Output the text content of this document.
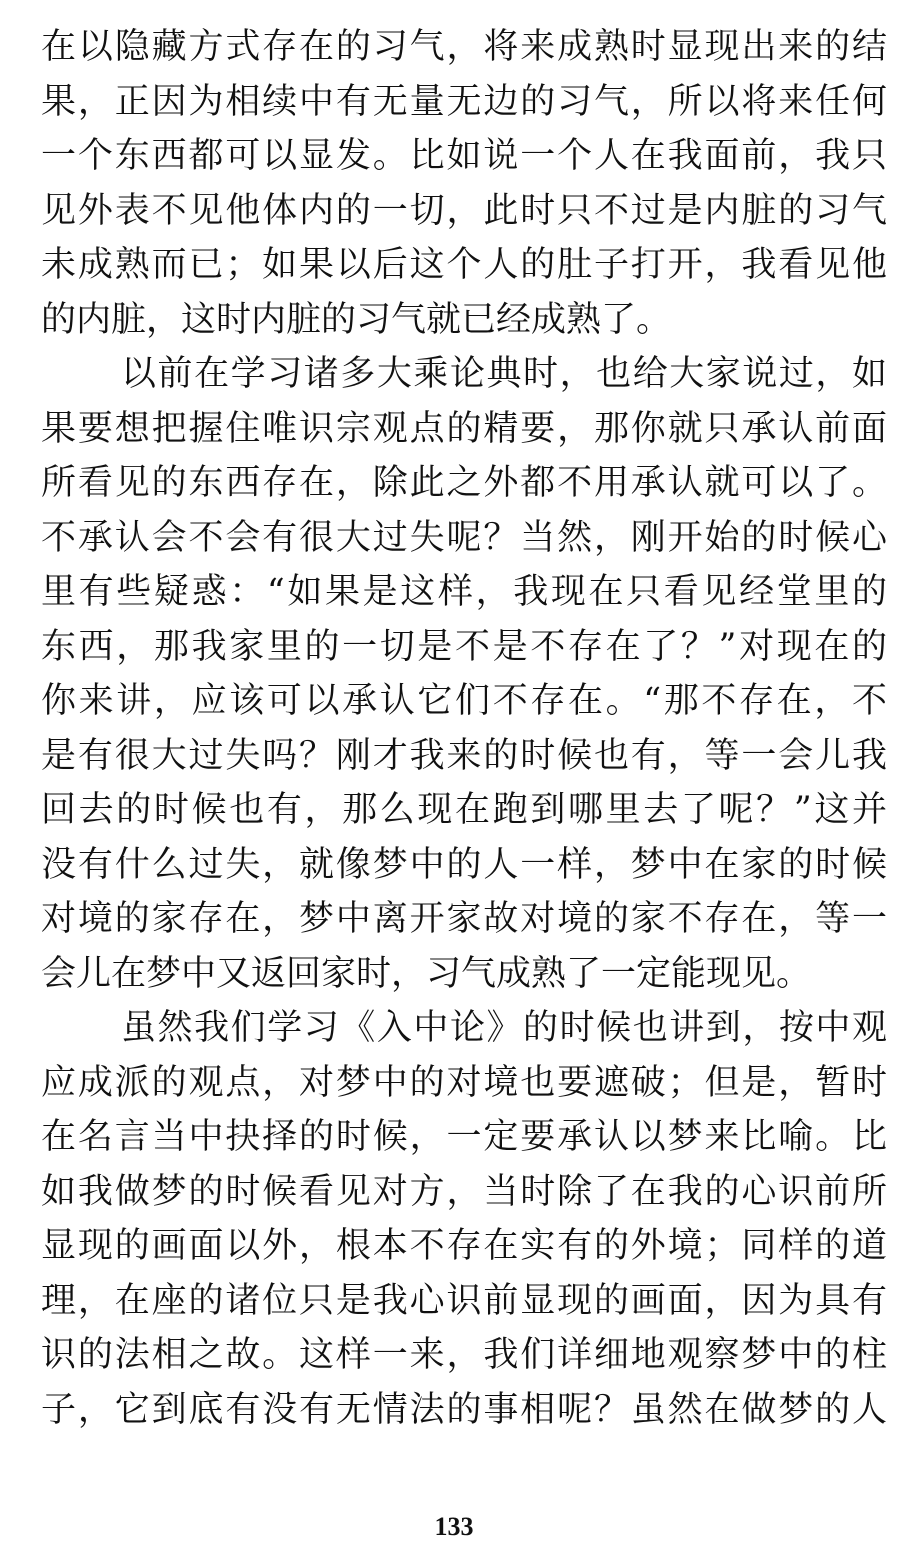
在以隐藏方式存在的习气，将来成熟时显现出来的结
果，正因为相续中有无量无边的习气，所以将来任何
一个东西都可以显发。比如说一个人在我面前，我只
见外表不见他体内的一切，此时只不过是内脏的习气
未成熟而已；如果以后这个人的肚子打开，我看见他
的内脏，这时内脏的习气就已经成熟了。
以前在学习诸多大乘论典时，也给大家说过，如
果要想把握住唯识宗观点的精要，那你就只承认前面
所看见的东西存在，除此之外都不用承认就可以了。
不承认会不会有很大过失呢？当然，刚开始的时候心
里有些疑惑：“如果是这样，我现在只看见经堂里的
东西，那我家里的一切是不是不存在了？”对现在的
你来讲，应该可以承认它们不存在。“那不存在，不
是有很大过失吗？刚才我来的时候也有，等一会儿我
回去的时候也有，那么现在跑到哪里去了呢？”这并
没有什么过失，就像梦中的人一样，梦中在家的时候
对境的家存在，梦中离开家故对境的家不存在，等一
会儿在梦中又返回家时，习气成熟了一定能现见。
虽然我们学习《入中论》的时候也讲到，按中观
应成派的观点，对梦中的对境也要遮破；但是，暂时
在名言当中抉择的时候，一定要承认以梦来比喻。比
如我做梦的时候看见对方，当时除了在我的心识前所
显现的画面以外，根本不存在实有的外境；同样的道
理，在座的诸位只是我心识前显现的画面，因为具有
识的法相之故。这样一来，我们详细地观察梦中的柱
子，它到底有没有无情法的事相呢？虽然在做梦的人
133
